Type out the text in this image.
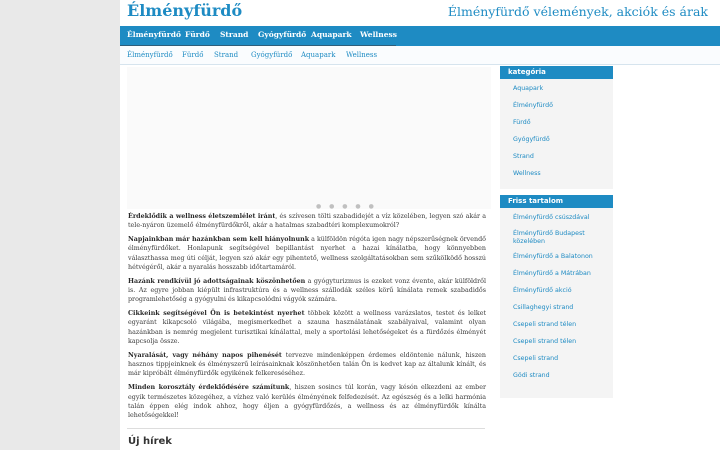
Élményfürdő	Élményfürdő vélemények, akciók és árak
Élményfürdő Fürdő Strand Gyógyfürdő Aquapark Wellness
Élményfürdő Fürdő Strand Gyógyfürdő Aquapark Wellness
● ● ● ● ●

Érdeklődik a wellness életszemlélet iránt, és szívesen tölti szabadidejét a víz közelében, legyen szó akár a tele-nyáron üzemelő élményfürdőkről, akár a hatalmas szabadtéri komplexumokról?

Napjainkban már hazánkban sem kell hiányolnunk a külföldön régóta igen nagy népszerűségnek örvendő élményfürdőket. Honlapunk segítségével bepillantást nyerhet a hazai kínálatba, hogy könnyebben választhassa meg úti célját, legyen szó akár egy pihentető, wellness szolgáltatásokban sem szűkölködő hosszú hétvégéről, akár a nyaralás hosszabb időtartamáról.

Hazánk rendkívül jó adottságainak köszönhetően a gyógyturizmus is ezeket vonz évente, akár külföldről is. Az egyre jobban kiépült infrastruktúra és a wellness szállodák széles körű kínálata remek szabadidős programlehetőség a gyógyulni és kikapcsolódni vágyók számára.

Cikkeink segítségével Ön is betekintést nyerhet többek között a wellness varázslatos, testet és lelket egyaránt kikapcsoló világába, megismerkedhet a szauna használatának szabályaival, valamint olyan hazánkban is nemrég megjelent turisztikai kínálattal, mely a sportolási lehetőségeket és a fürdőzés élményét kapcsolja össze.

Nyaralását, vagy néhány napos pihenését tervezve mindenképpen érdemes eldöntenie nálunk, hiszen hasznos tippjeinknek és élményszerű leírásainknak köszönhetően talán Ön is kedvet kap az általunk kínált, és már kipróbált élményfürdők egyikének felkereséséhez.

Minden korosztály érdeklődésére számítunk, hiszen sosincs túl korán, vagy késón elkezdeni az ember egyik természetes közegéhez, a vízhez való kerülés élményének felfedezését. Az egészség és a lelki harmónia talán éppen elég indok ahhoz, hogy éljen a gyógyfürdőzés, a wellness és az élményfürdők kínálta lehetőségekkel!

Új hírek
kategória
Aquapark
Élményfürdő
Fürdő
Gyógyfürdő
Strand
Wellness
Friss tartalom
Élményfürdő csúszdával
Élményfürdő Budapest közelében
Élményfürdő a Balatonon
Élményfürdő a Mátrában
Élményfürdő akció
Csillaghegyi strand
Csepeli strand télen
Csepeli strand télen
Csepeli strand
Gödi strand
